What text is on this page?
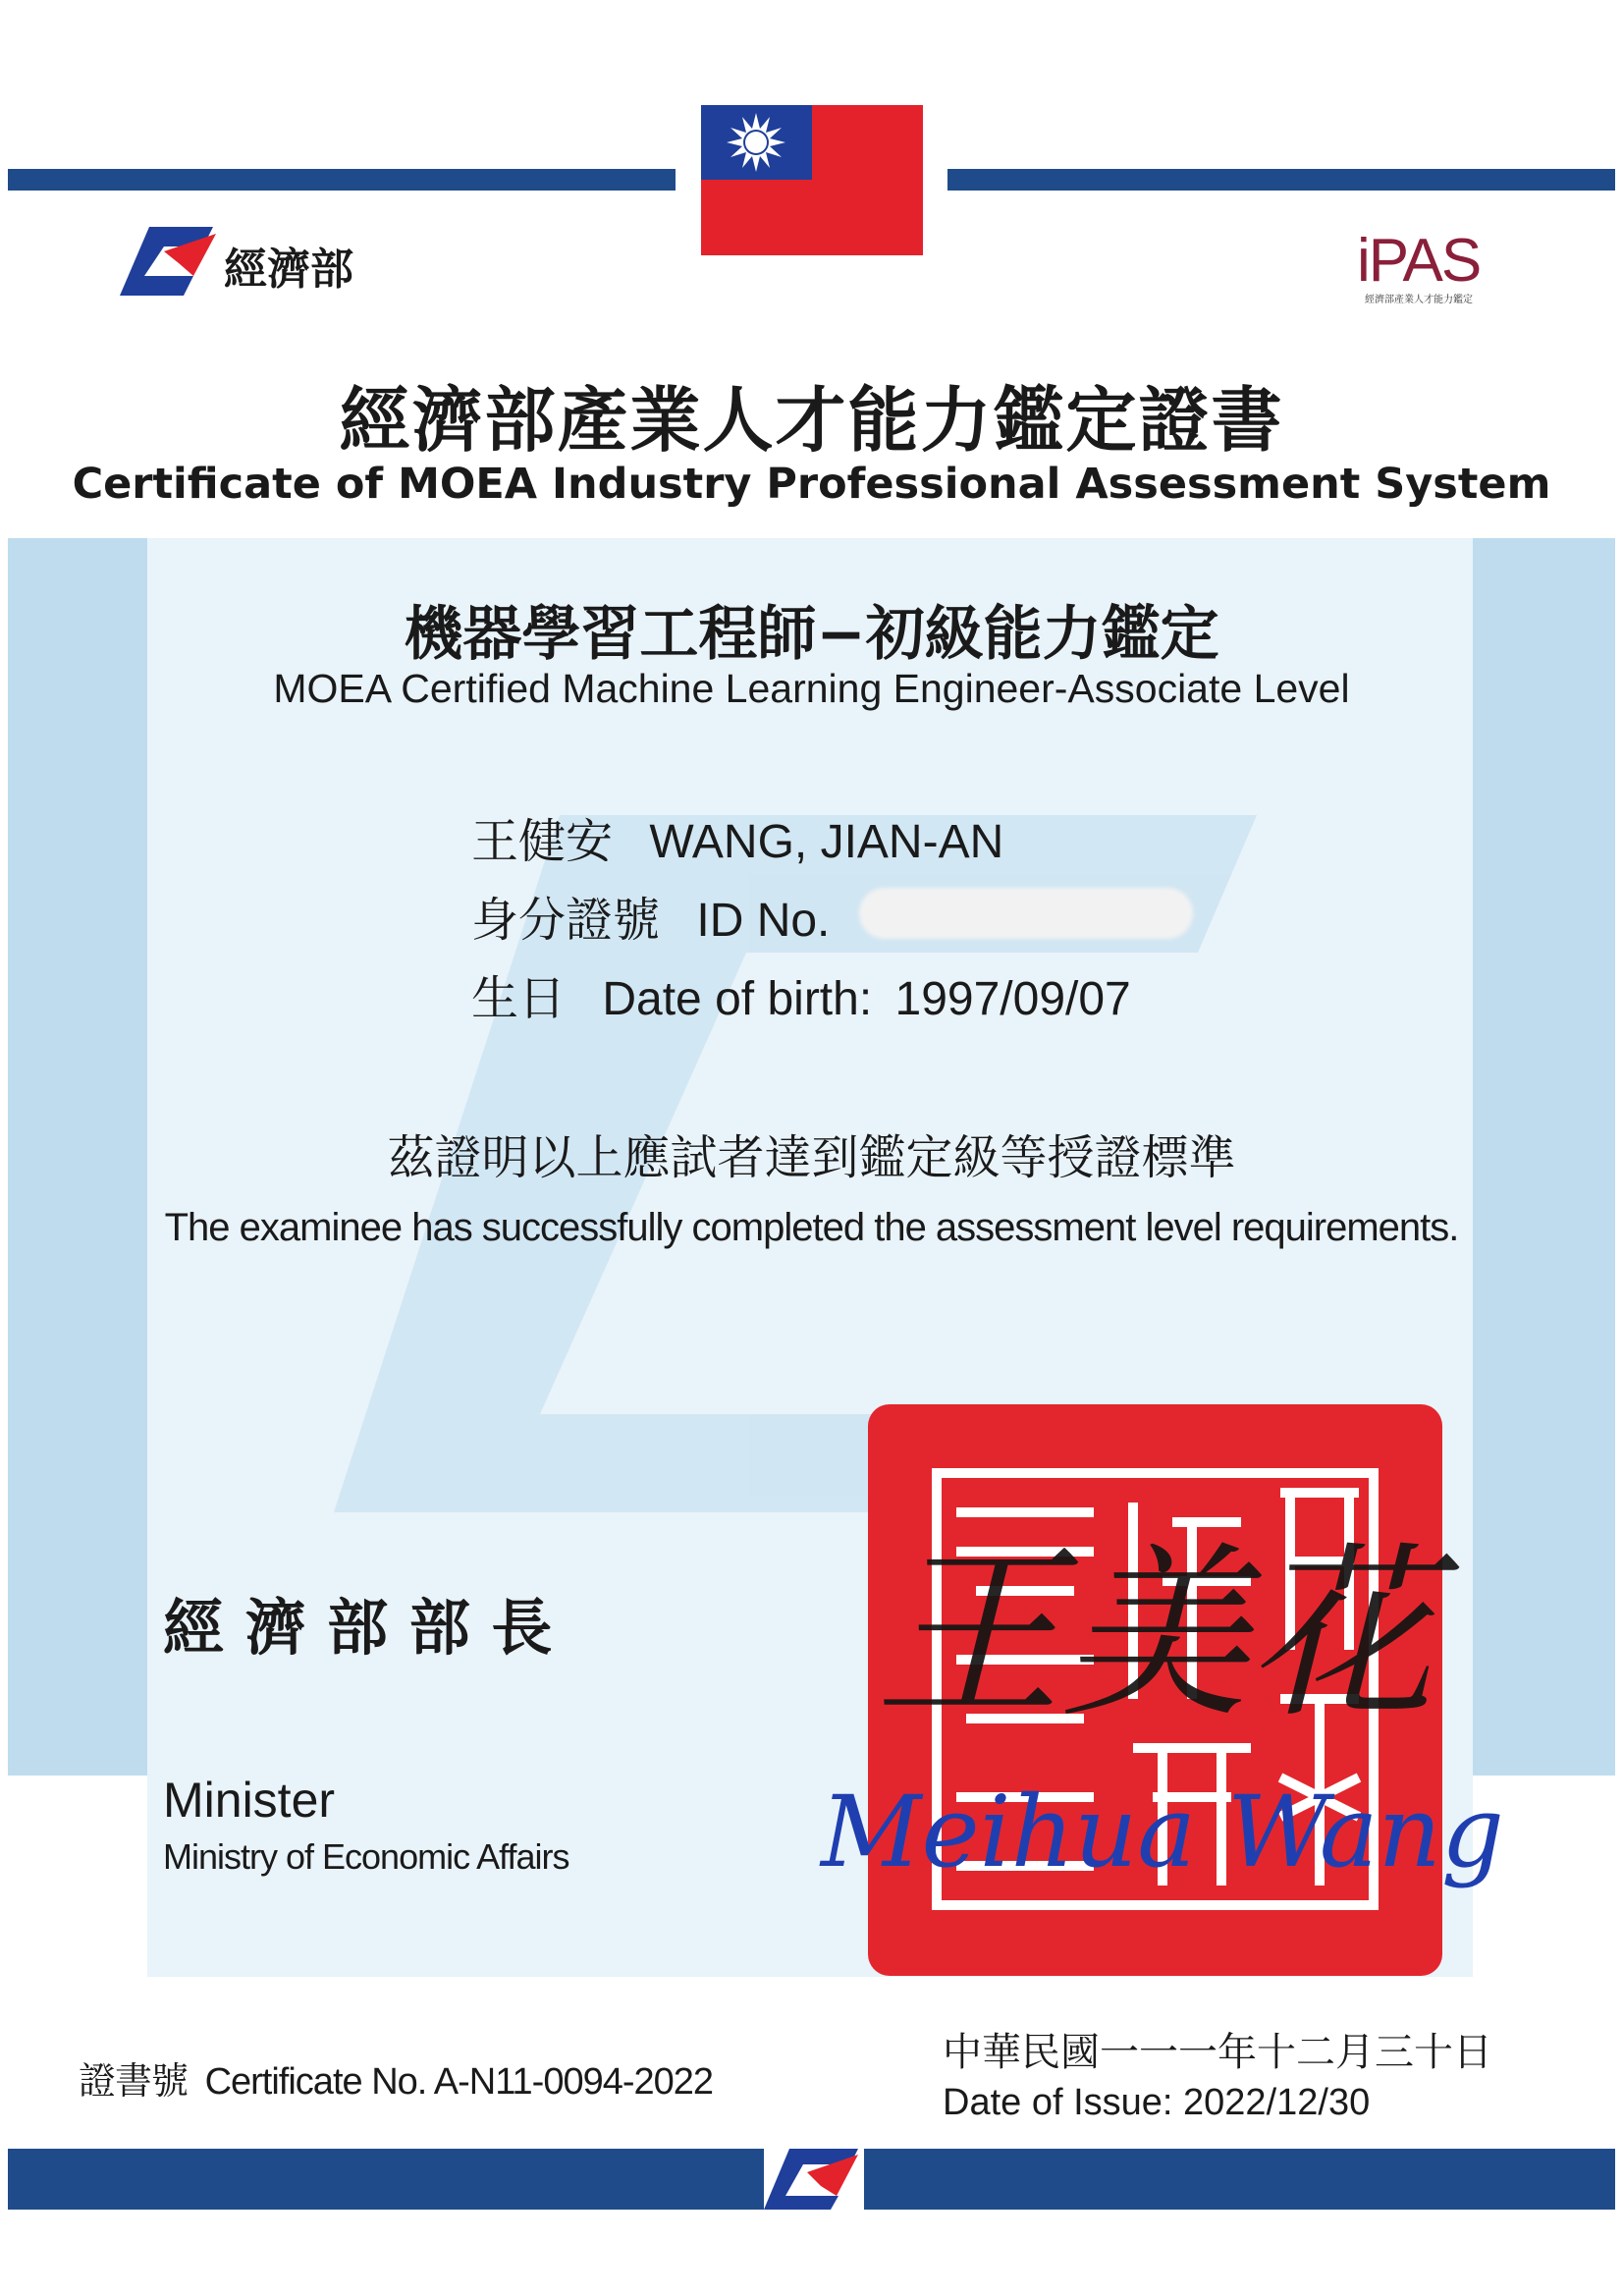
經濟部	iPAS
經濟部產業人才能力鑑定
經濟部產業人才能力鑑定證書
Certificate of MOEA Industry Professional Assessment System
機器學習工程師−初級能力鑑定
MOEA Certified Machine Learning Engineer-Associate Level
王健安 WANG, JIAN-AN
身分證號 ID No.
生日 Date of birth: 1997/09/07
茲證明以上應試者達到鑑定級等授證標準
The examinee has successfully completed the assessment level requirements.
經 濟 部 部 長
Minister
Ministry of Economic Affairs
王美花
Meihua Wang
證書號 Certificate No. A-N11-0094-2022
中華民國一一一年十二月三十日
Date of Issue: 2022/12/30
